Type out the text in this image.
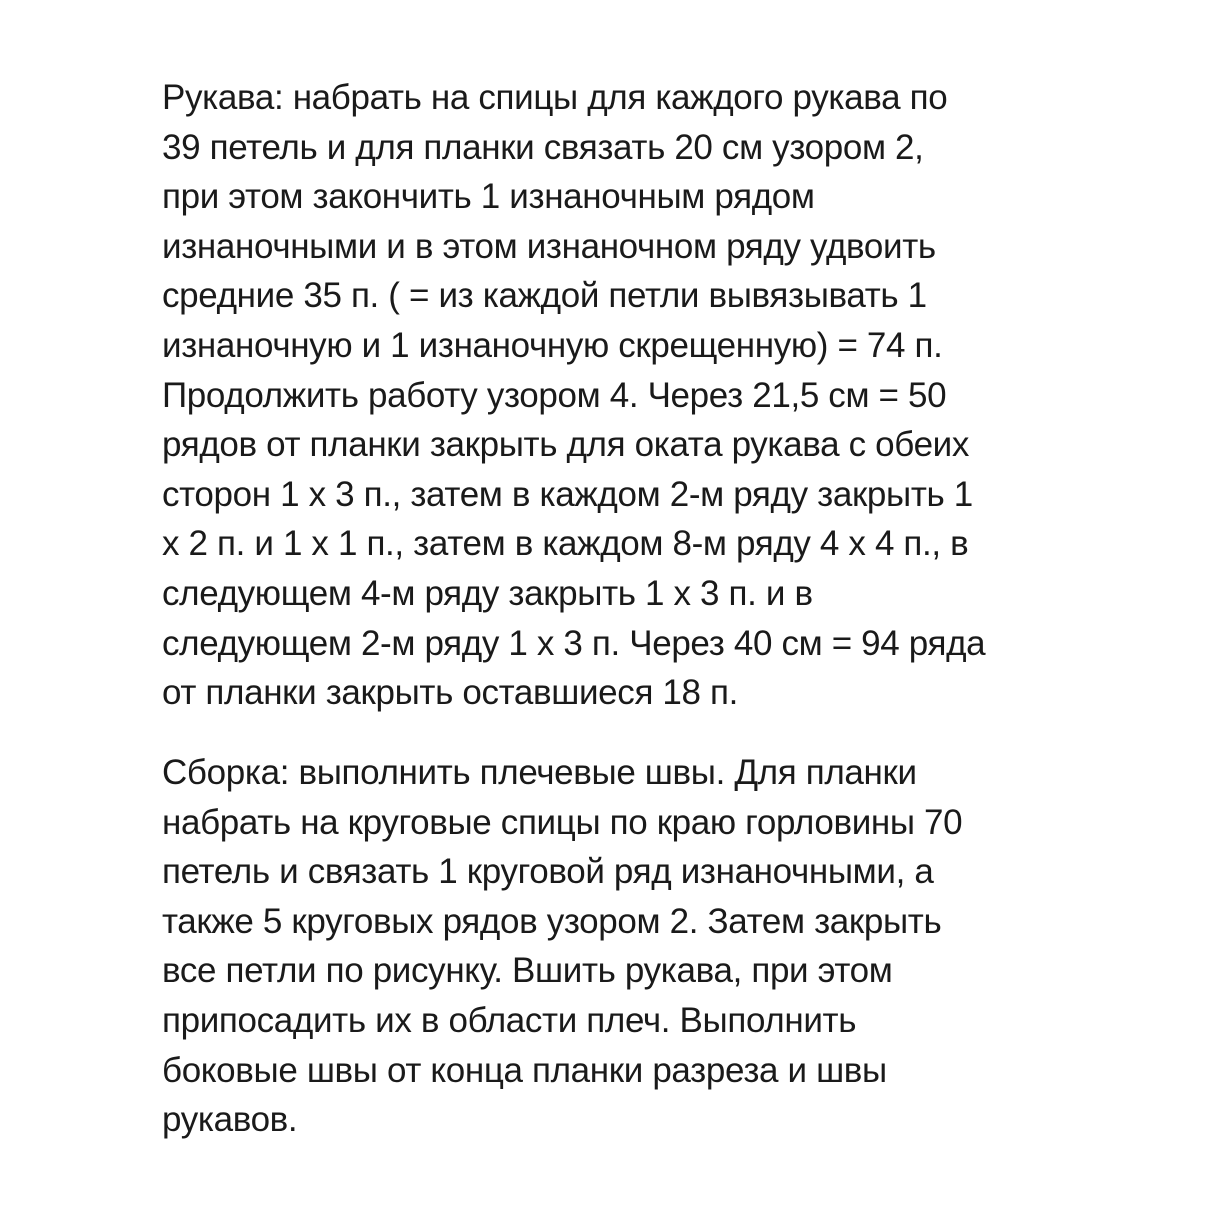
Рукава: набрать на спицы для каждого рукава по
39 петель и для планки связать 20 см узором 2,
при этом закончить 1 изнаночным рядом
изнаночными и в этом изнаночном ряду удвоить
средние 35 п. ( = из каждой петли вывязывать 1
изнаночную и 1 изнаночную скрещенную) = 74 п.
Продолжить работу узором 4. Через 21,5 см = 50
рядов от планки закрыть для оката рукава с обеих
сторон 1 х 3 п., затем в каждом 2-м ряду закрыть 1
х 2 п. и 1 х 1 п., затем в каждом 8-м ряду 4 х 4 п., в
следующем 4-м ряду закрыть 1 х 3 п. и в
следующем 2-м ряду 1 х 3 п. Через 40 см = 94 ряда
от планки закрыть оставшиеся 18 п.
Сборка: выполнить плечевые швы. Для планки
набрать на круговые спицы по краю горловины 70
петель и связать 1 круговой ряд изнаночными, а
также 5 круговых рядов узором 2. Затем закрыть
все петли по рисунку. Вшить рукава, при этом
припосадить их в области плеч. Выполнить
боковые швы от конца планки разреза и швы
рукавов.
